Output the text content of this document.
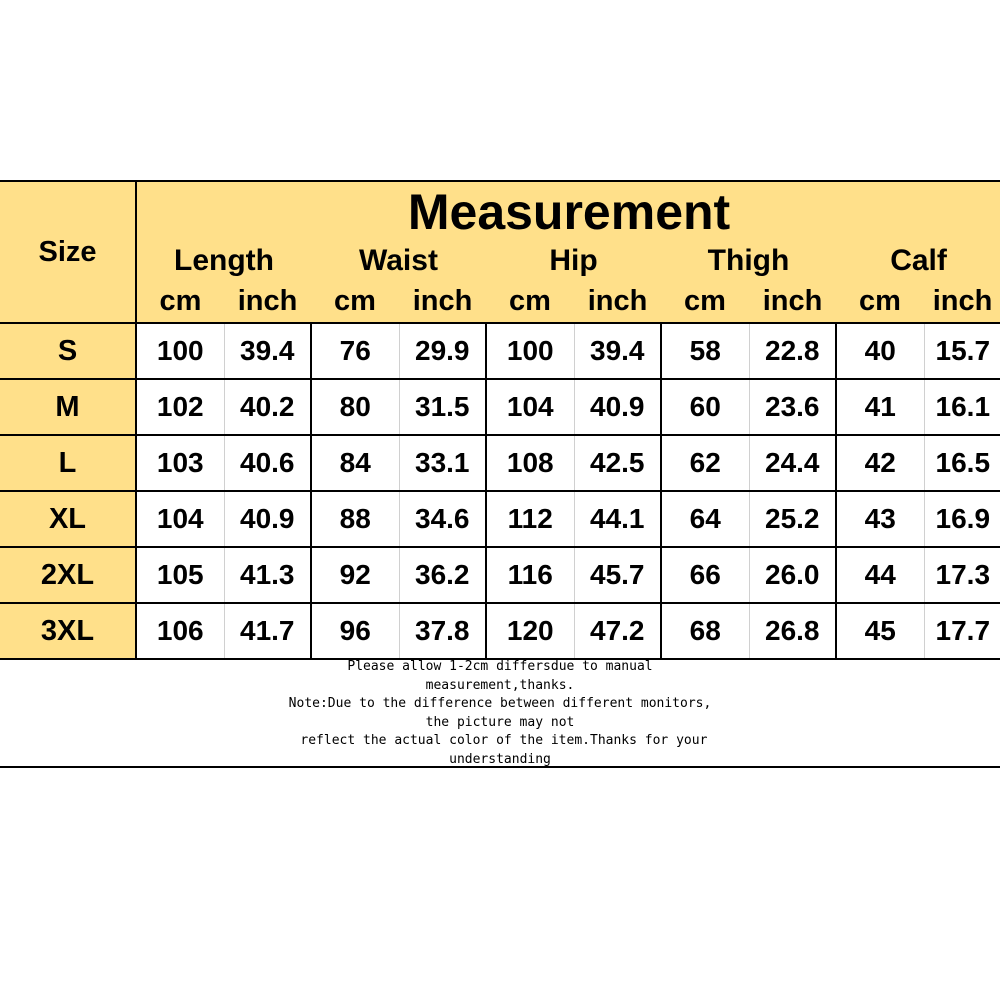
Size	Measurement									
	Length		Waist		Hip		Thigh		Calf	
	cm	inch	cm	inch	cm	inch	cm	inch	cm	inch
S	100	39.4	76	29.9	100	39.4	58	22.8	40	15.7
M	102	40.2	80	31.5	104	40.9	60	23.6	41	16.1
L	103	40.6	84	33.1	108	42.5	62	24.4	42	16.5
XL	104	40.9	88	34.6	112	44.1	64	25.2	43	16.9
2XL	105	41.3	92	36.2	116	45.7	66	26.0	44	17.3
3XL	106	41.7	96	37.8	120	47.2	68	26.8	45	17.7
Please allow 1-2cm differsdue to manual
measurement,thanks.
Note:Due to the difference between different monitors,
the picture may not
reflect the actual color of the item.Thanks for your
understanding
